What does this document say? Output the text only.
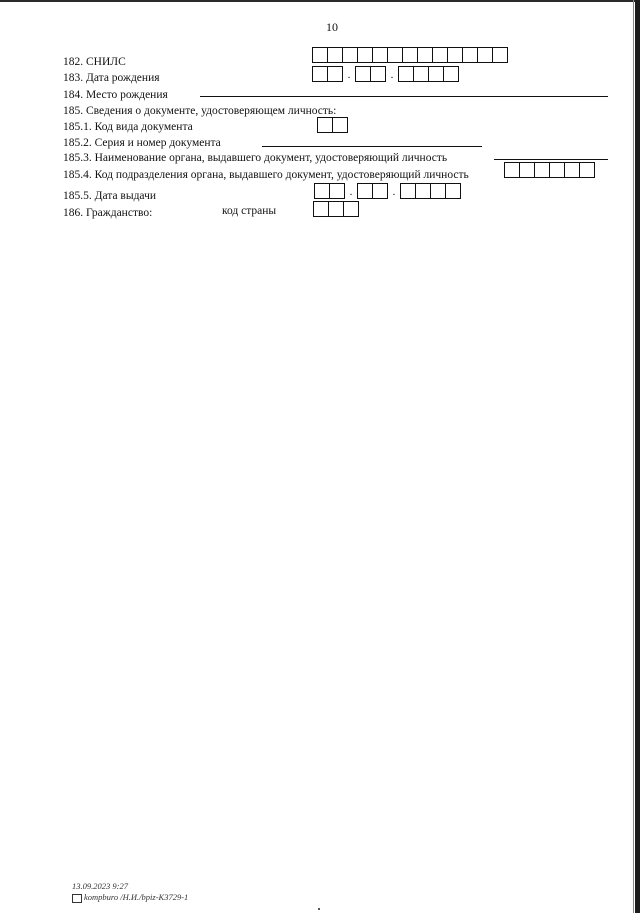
10
182. СНИЛС
183. Дата рождения	.	.
184. Место рождения
185. Сведения о документе, удостоверяющем личность:
185.1. Код вида документа
185.2. Серия и номер документа
185.3. Наименование органа, выдавшего документ, удостоверяющий личность
185.4. Код подразделения органа, выдавшего документ, удостоверяющий личность
185.5. Дата выдачи	.	.
186. Гражданство:	код страны
13.09.2023 9:27
kompburo /H.И./bpiz-K3729-1
